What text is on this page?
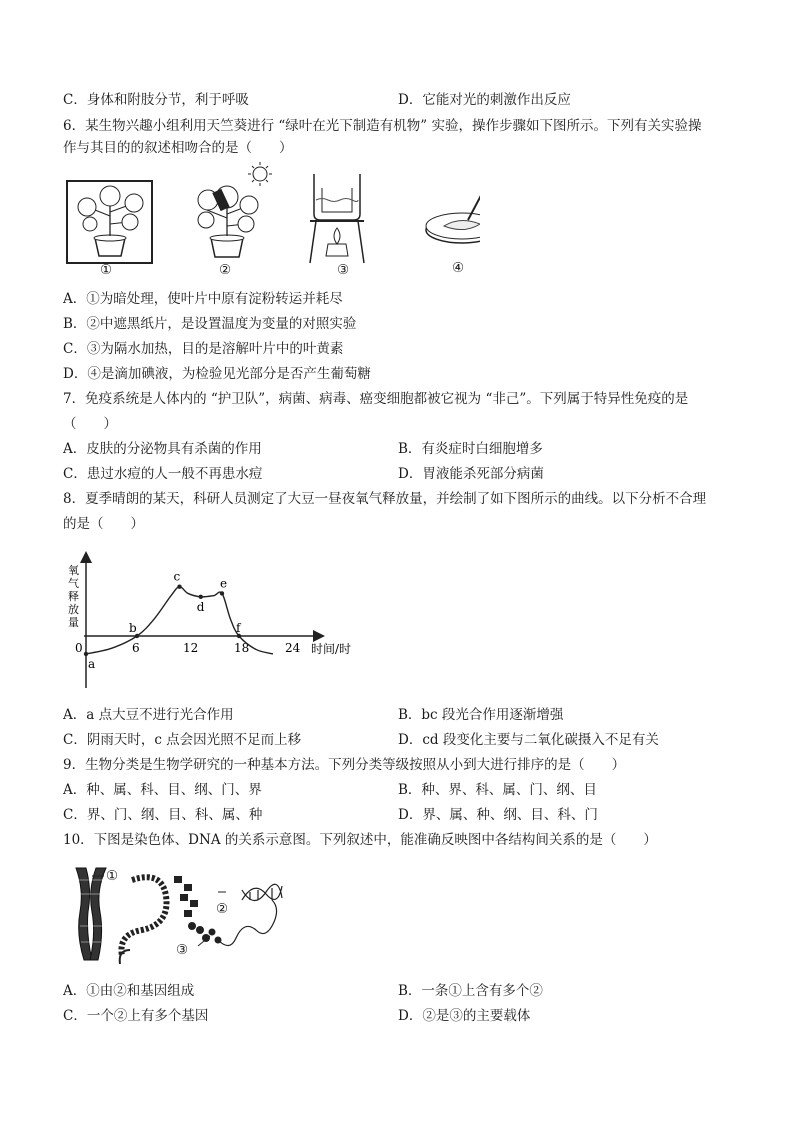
C．身体和附肢分节，利于呼吸	D．它能对光的刺激作出反应
6．某生物兴趣小组利用天竺葵进行 “绿叶在光下制造有机物” 实验，操作步骤如下图所示。下列有关实验操
作与其目的的叙述相吻合的是（　　）
①	②	③	④
A．①为暗处理，使叶片中原有淀粉转运并耗尽
B．②中遮黑纸片，是设置温度为变量的对照实验
C．③为隔水加热，目的是溶解叶片中的叶黄素
D．④是滴加碘液，为检验见光部分是否产生葡萄糖
7．免疫系统是人体内的 “护卫队”，病菌、病毒、癌变细胞都被它视为 “非己”。下列属于特异性免疫的是
（　　）
A．皮肤的分泌物具有杀菌的作用	B．有炎症时白细胞增多
C．患过水痘的人一般不再患水痘	D．胃液能杀死部分病菌
8．夏季晴朗的某天，科研人员测定了大豆一昼夜氧气释放量，并绘制了如下图所示的曲线。以下分析不合理
的是（　　）
氧
气
释
放
量
时间/时
0	6	12	18	24
a
b
c
d
e
f
A．a 点大豆不进行光合作用	B．bc 段光合作用逐渐增强
C．阴雨天时，c 点会因光照不足而上移	D．cd 段变化主要与二氧化碳摄入不足有关
9．生物分类是生物学研究的一种基本方法。下列分类等级按照从小到大进行排序的是（　　）
A．种、属、科、目、纲、门、界	B．种、界、科、属、门、纲、目
C．界、门、纲、目、科、属、种	D．界、属、种、纲、目、科、门
10．下图是染色体、DNA 的关系示意图。下列叙述中，能准确反映图中各结构间关系的是（　　）
①
②
③
A．①由②和基因组成	B．一条①上含有多个②
C．一个②上有多个基因	D．②是③的主要载体
